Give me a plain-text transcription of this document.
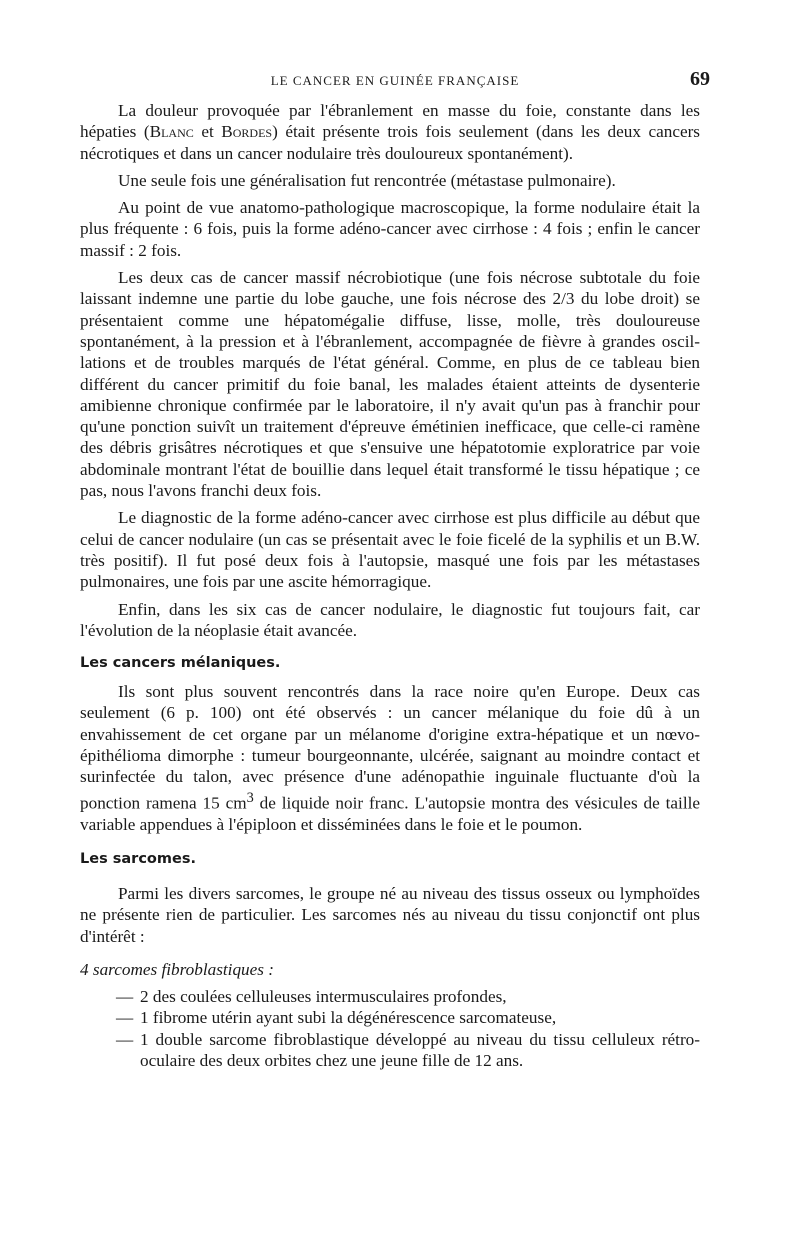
LE CANCER EN GUINÉE FRANÇAISE	69

La douleur provoquée par l'ébranlement en masse du foie, constante dans les hépaties (Blanc et Bordes) était présente trois fois seulement (dans les deux cancers nécrotiques et dans un cancer nodulaire très douloureux spontanément).

Une seule fois une généralisation fut rencontrée (métastase pulmonaire).

Au point de vue anatomo-pathologique macroscopique, la forme nodulaire était la plus fréquente : 6 fois, puis la forme adéno-cancer avec cirrhose : 4 fois ; enfin le cancer massif : 2 fois.

Les deux cas de cancer massif nécrobiotique (une fois nécrose subtotale du foie laissant indemne une partie du lobe gauche, une fois nécrose des 2/3 du lobe droit) se présentaient comme une hépatomégalie diffuse, lisse, molle, très douloureuse spontanément, à la pression et à l'ébranlement, accompagnée de fièvre à grandes oscillations et de troubles marqués de l'état général. Comme, en plus de ce tableau bien différent du cancer primitif du foie banal, les malades étaient atteints de dysenterie amibienne chronique confirmée par le laboratoire, il n'y avait qu'un pas à franchir pour qu'une ponction suivît un traitement d'épreuve émétinien inefficace, que celle-ci ramène des débris grisâtres nécrotiques et que s'ensuive une hépatotomie exploratrice par voie abdominale montrant l'état de bouillie dans lequel était transformé le tissu hépatique ; ce pas, nous l'avons franchi deux fois.

Le diagnostic de la forme adéno-cancer avec cirrhose est plus difficile au début que celui de cancer nodulaire (un cas se présentait avec le foie ficelé de la syphilis et un B.W. très positif). Il fut posé deux fois à l'autopsie, masqué une fois par les métastases pulmonaires, une fois par une ascite hémorragique.

Enfin, dans les six cas de cancer nodulaire, le diagnostic fut toujours fait, car l'évolution de la néoplasie était avancée.

Les cancers mélaniques.

Ils sont plus souvent rencontrés dans la race noire qu'en Europe. Deux cas seulement (6 p. 100) ont été observés : un cancer mélanique du foie dû à un envahissement de cet organe par un mélanome d'origine extra-hépatique et un nœvo-épithélioma dimorphe : tumeur bourgeonnante, ulcérée, saignant au moindre contact et surinfectée du talon, avec présence d'une adénopathie inguinale fluctuante d'où la ponction ramena 15 $cm^3$ de liquide noir franc. L'autopsie montra des vésicules de taille variable appendues à l'épiploon et disséminées dans le foie et le poumon.

Les sarcomes.

Parmi les divers sarcomes, le groupe né au niveau des tissus osseux ou lymphoïdes ne présente rien de particulier. Les sarcomes nés au niveau du tissu conjonctif ont plus d'intérêt :

4 sarcomes fibroblastiques :
— 2 des coulées celluleuses intermusculaires profondes,
— 1 fibrome utérin ayant subi la dégénérescence sarcomateuse,
— 1 double sarcome fibroblastique développé au niveau du tissu celluleux rétro-oculaire des deux orbites chez une jeune fille de 12 ans.
